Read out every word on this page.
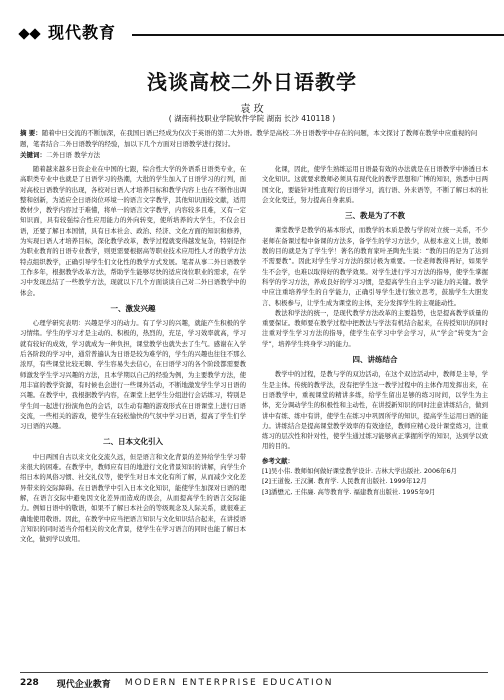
现代教育
浅谈高校二外日语教学
袁 玫
( 湖南科技职业学院软件学院 湖南 长沙 410118 )
摘 要：随着中日交流的不断加深，在我国日语已经成为仅次于英语的第二大外语。教学是高校二外日语教学中存在的问题，本文探讨了教师在教学中应重视的问题，笔者结合二外日语教学的经验，加以下几个方面对日语教学进行探讨。
关键词：二外日语 教学方法

随着越来越多日资企业在中国的七跟，综合性大学的外语系日语类专业，在高职类专业中也就是了日语学习的热潮，大批的学生加入了日语学习的行列，面对高校日语教学的出现，各校对日语人才培养目标和教学内容上也在不断作出调整和创新，为适应全日语岗位环境一的语言文字教学，其他知识面较文献，适用教材少，教学内容过于难懂，将单一的语言文字教学，内容较多且难，又有一定知识面，具有较强综合性应用能力的外向转变，使所培养的大学生，不仅会日语，还要了解日本国情，具有日本社会、政治、经济、文化方面的知识和修养，为实现日语人才培养目标，深化教学改革，教学过程就变得越发复杂，特别是作为职业教育的日语专业教学，则更需要根据高等职业技术应用性人才的教学方法特点组织教学，正确引导学生们文化性的教学方式发展。笔者从事二外日语教学工作多年，根据教学改革方法，帮助学生能够尽快的适应岗位职业的需求，在学习中发现总结了一些教学方法，现就以下几个方面谈谈自己对二外日语教学中的体会。

一、激发兴趣

心理学研究表明：兴趣是学习的动力。有了学习的兴趣，就能产生积极的学习情绪。学生的学习才是主动的、积极的，热烈的，充足，学习效率就高，学习就有较好的成效，学习就成为一种负担，课堂教学也就失去了生气。感谢在入学后各阶段的学习中，通常普遍认为日语是较为难学的，学生的兴趣也往往不那么浓厚，有些课堂比较无聊、学生容易失去信心，在日语学习的各个阶段都需要教师激发学生学习兴趣的方法，且本学期以自己的经验为例，为主要教学方法，使用丰富的教学资源，有时候也会进行一些课外活动，不断地激发学生学习日语的兴趣。在教学中，我根据教学内容，在课堂上把学生分组进行会话练习，特别是学生间一起进行扮演角色的会话，以生动有趣的游戏形式在日语课堂上进行日语交流，一些相关的游戏，使学生在轻松愉快的气氛中学习日语，提高了学生们学习日语的兴趣。

二、日本文化引入

中日两国自古以来文化交流久远，但是语言和文化背景的差异给学生学习带来很大的困难。在教学中，教师应有目的地进行文化背景知识的讲解，向学生介绍日本的风俗习惯、社交礼仪等，使学生对日本文化有所了解，从而减少文化差异带来的交际障碍。在日语教学中引入日本文化知识，能使学生加深对日语的理解，在语言交际中避免因文化差异而造成的误会，从而提高学生的语言交际能力。例如日语中的敬语，如果不了解日本社会的等级观念及人际关系，就很难正确地使用敬语。因此，在教学中应当把语言知识与文化知识结合起来，在讲授语言知识的同时适当介绍相关的文化背景，使学生在学习语言的同时也能了解日本文化，做到学以致用。

化课，因此，使学生熟练运用日语最有效的办法就是在日语教学中渗透日本文化知识。这就要求教师必须具有现代化的教学思想和广博的知识，熟悉中日两国文化，要能针对性直观行的日语学习，流行语、外来语等，不断了解日本的社会文化变迁，努力提高自身素质。

三、教是为了不教

课堂教学是教学的基本形式，而教学的本质是教与学的对立统一关系，不少老师在备课过程中备课的方法多，备学生的学习方法少，从根本意义上讲，教师教的目的就是为了学生学！著名的教育家叶圣陶先生说：“教的目的是为了达到不需要教”。因此对学生学习方法的探讨极为重要。一位老师教得再好，如果学生不会学，也难以取得好的教学效果。对学生进行学习方法的指导，使学生掌握科学的学习方法，养成良好的学习习惯，是提高学生自主学习能力的关键。教学中应注重培养学生的自学能力，正确引导学生进行独立思考，鼓励学生大胆发言、积极参与，让学生成为课堂的主体，充分发挥学生的主观能动性。

教法和学法的统一，是现代教学方法改革的主要趋势，也是提高教学质量的重要保证。教师要在教学过程中把教法与学法有机结合起来，在传授知识的同时注重对学生学习方法的指导，使学生在学习中学会学习，从“学会”转变为“会学”，培养学生终身学习的能力。

四、讲练结合

教学中的过程，是教与学的双边活动，在这个双边活动中，教师是主导，学生是主体。传统的教学法，没有把学生这一教学过程中的主体作用发挥出来，在日语教学中，重视课堂的精讲多练，给学生留出足够的练习时间，以学生为主体，充分调动学生的积极性和主动性，在讲授新知识的同时注意讲练结合，做到讲中有练、练中有讲，使学生在练习中巩固所学的知识，提高学生运用日语的能力。讲练结合是提高课堂教学效率的有效途径，教师应精心设计课堂练习，注重练习的层次性和针对性，使学生通过练习能够真正掌握所学的知识，达到学以致用的目的。

参考文献：

[1]吴小伟. 教师如何做好课堂教学设计. 吉林大学出版社. 2006年6月

[2]王道俊, 王汉澜. 教育学. 人民教育出版社. 1999年12月

[3]潘懋元, 王伟廉. 高等教育学. 福建教育出版社. 1995年9月

228 现代企业教育 MODERN ENTERPRISE EDUCATION
